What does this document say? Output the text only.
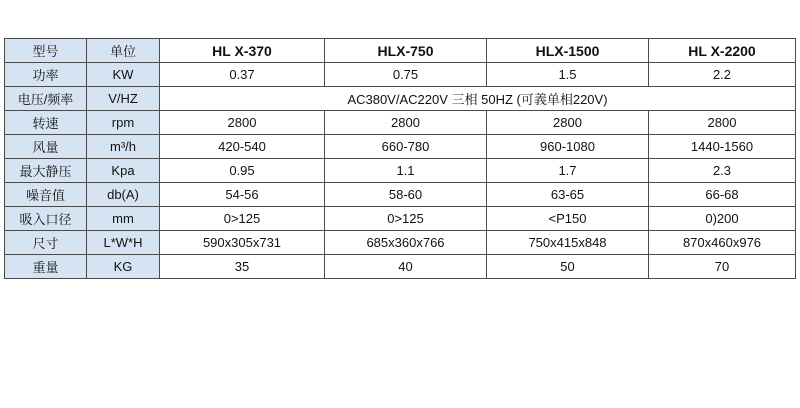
型号	单位	HL X-370	HLX-750	HLX-1500	HL X-2200
功率	KW	0.37	0.75	1.5	2.2
电压/频率	V/HZ	AC380V/AC220V 三相 50HZ (可義单相220V)			
转速	rpm	2800	2800	2800	2800
风量	m³/h	420-540	660-780	960-1080	1440-1560
最大静压	Kpa	0.95	1.1	1.7	2.3
噪音值	db(A)	54-56	58-60	63-65	66-68
吸入口径	mm	0>125	0>125	<P150	0)200
尺寸	L*W*H	590x305x731	685x360x766	750x415x848	870x460x976
重量	KG	35	40	50	70
